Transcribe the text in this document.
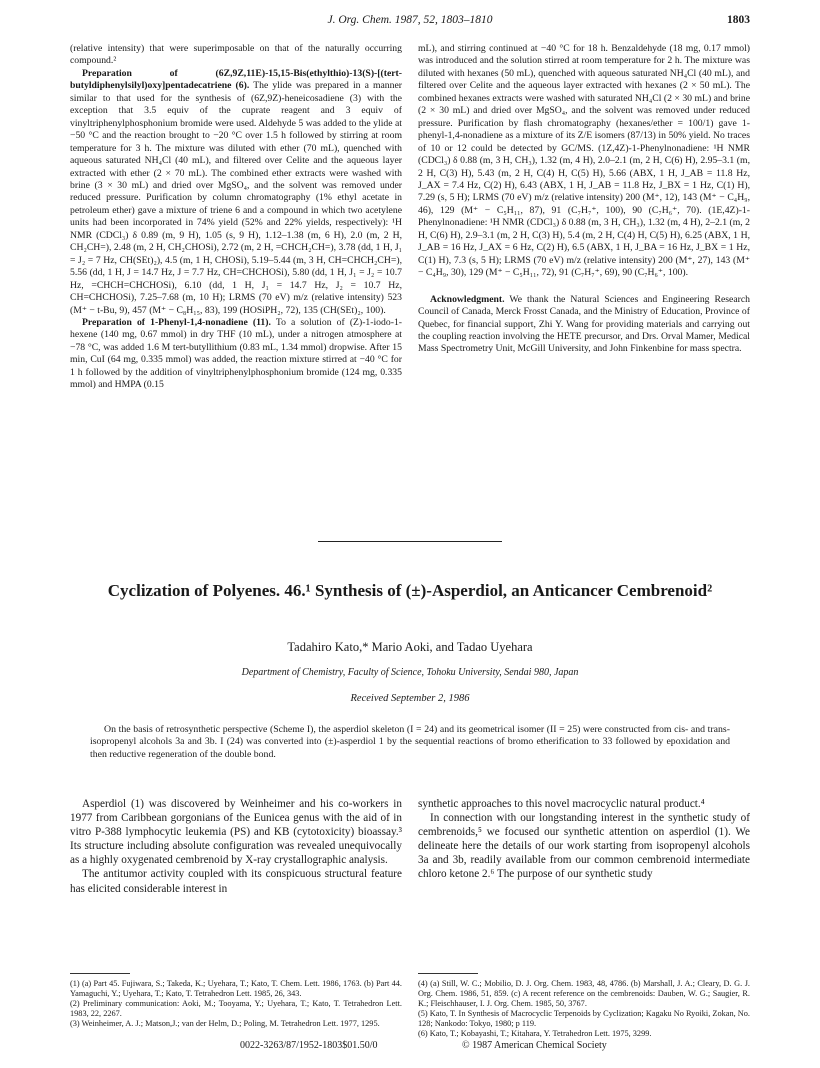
J. Org. Chem. 1987, 52, 1803–1810	1803

(relative intensity) that were superimposable on that of the naturally occurring compound.²

Preparation of (6Z,9Z,11E)-15,15-Bis(ethylthio)-13(S)-[(tert-butyldiphenylsilyl)oxy]pentadecatriene (6). The ylide was prepared in a manner similar to that used for the synthesis of (6Z,9Z)-heneicosadiene (3) with the exception that 3.5 equiv of the cuprate reagent and 3 equiv of vinyltriphenylphosphonium bromide were used. Aldehyde 5 was added to the ylide at −50 °C and the reaction brought to −20 °C over 1.5 h followed by stirring at room temperature for 3 h. The mixture was diluted with ether (70 mL), quenched with aqueous saturated NH₄Cl (40 mL), and filtered over Celite and the aqueous layer extracted with ether (2 × 70 mL). The combined ether extracts were washed with brine (3 × 30 mL) and dried over MgSO₄, and the solvent was removed under reduced pressure. Purification by column chromatography (1% ethyl acetate in petroleum ether) gave a mixture of triene 6 and a compound in which two acetylene units had been incorporated in 74% yield (52% and 22% yields, respectively): ¹H NMR (CDCl₃) δ 0.89 (m, 9 H), 1.05 (s, 9 H), 1.12–1.38 (m, 6 H), 2.0 (m, 2 H, CH₂CH=), 2.48 (m, 2 H, CH₂CHOSi), 2.72 (m, 2 H, =CHCH₂CH=), 3.78 (dd, 1 H, J₁ = J₂ = 7 Hz, CH(SEt)₂), 4.5 (m, 1 H, CHOSi), 5.19–5.44 (m, 3 H, CH=CHCH₂CH=), 5.56 (dd, 1 H, J = 14.7 Hz, J = 7.7 Hz, CH=CHCHOSi), 5.80 (dd, 1 H, J₁ = J₂ = 10.7 Hz, =CHCH=CHCHOSi), 6.10 (dd, 1 H, J₁ = 14.7 Hz, J₂ = 10.7 Hz, CH=CHCHOSi), 7.25–7.68 (m, 10 H); LRMS (70 eV) m/z (relative intensity) 523 (M⁺ − t-Bu, 9), 457 (M⁺ − C₈H₁₅, 83), 199 (HOSiPH₂, 72), 135 (CH(SEt)₂, 100).

Preparation of 1-Phenyl-1,4-nonadiene (11). To a solution of (Z)-1-iodo-1-hexene (140 mg, 0.67 mmol) in dry THF (10 mL), under a nitrogen atmosphere at −78 °C, was added 1.6 M tert-butyllithium (0.83 mL, 1.34 mmol) dropwise. After 15 min, CuI (64 mg, 0.335 mmol) was added, the reaction mixture stirred at −40 °C for 1 h followed by the addition of vinyltriphenylphosphonium bromide (124 mg, 0.335 mmol) and HMPA (0.15

mL), and stirring continued at −40 °C for 18 h. Benzaldehyde (18 mg, 0.17 mmol) was introduced and the solution stirred at room temperature for 2 h. The mixture was diluted with hexanes (50 mL), quenched with aqueous saturated NH₄Cl (40 mL), and filtered over Celite and the aqueous layer extracted with hexanes (2 × 50 mL). The combined hexanes extracts were washed with saturated NH₄Cl (2 × 30 mL) and brine (2 × 30 mL) and dried over MgSO₄, and the solvent was removed under reduced pressure. Purification by flash chromatography (hexanes/ether = 100/1) gave 1-phenyl-1,4-nonadiene as a mixture of its Z/E isomers (87/13) in 50% yield. No traces of 10 or 12 could be detected by GC/MS. (1Z,4Z)-1-Phenylnonadiene: ¹H NMR (CDCl₃) δ 0.88 (m, 3 H, CH₃), 1.32 (m, 4 H), 2.0–2.1 (m, 2 H, C(6) H), 2.95–3.1 (m, 2 H, C(3) H), 5.43 (m, 2 H, C(4) H, C(5) H), 5.66 (ABX, 1 H, J_AB = 11.8 Hz, J_AX = 7.4 Hz, C(2) H), 6.43 (ABX, 1 H, J_AB = 11.8 Hz, J_BX = 1 Hz, C(1) H), 7.29 (s, 5 H); LRMS (70 eV) m/z (relative intensity) 200 (M⁺, 12), 143 (M⁺ − C₄H₉, 46), 129 (M⁺ − C₅H₁₁, 87), 91 (C₇H₇⁺, 100), 90 (C₇H₆⁺, 70). (1E,4Z)-1-Phenylnonadiene: ¹H NMR (CDCl₃) δ 0.88 (m, 3 H, CH₃), 1.32 (m, 4 H), 2–2.1 (m, 2 H, C(6) H), 2.9–3.1 (m, 2 H, C(3) H), 5.4 (m, 2 H, C(4) H, C(5) H), 6.25 (ABX, 1 H, J_AB = 16 Hz, J_AX = 6 Hz, C(2) H), 6.5 (ABX, 1 H, J_BA = 16 Hz, J_BX = 1 Hz, C(1) H), 7.3 (s, 5 H); LRMS (70 eV) m/z (relative intensity) 200 (M⁺, 27), 143 (M⁺ − C₄H₉, 30), 129 (M⁺ − C₅H₁₁, 72), 91 (C₇H₇⁺, 69), 90 (C₇H₆⁺, 100).

Acknowledgment. We thank the Natural Sciences and Engineering Research Council of Canada, Merck Frosst Canada, and the Ministry of Education, Province of Quebec, for financial support, Zhi Y. Wang for providing materials and carrying out the coupling reaction involving the HETE precursor, and Drs. Orval Mamer, Medical Mass Spectrometry Unit, McGill University, and John Finkenbine for mass spectra.

Cyclization of Polyenes. 46.¹ Synthesis of (±)-Asperdiol, an Anticancer Cembrenoid²
Tadahiro Kato,* Mario Aoki, and Tadao Uyehara
Department of Chemistry, Faculty of Science, Tohoku University, Sendai 980, Japan
Received September 2, 1986
On the basis of retrosynthetic perspective (Scheme I), the asperdiol skeleton (I = 24) and its geometrical isomer (II = 25) were constructed from cis- and trans-isopropenyl alcohols 3a and 3b. I (24) was converted into (±)-asperdiol 1 by the sequential reactions of bromo etherification to 33 followed by epoxidation and then reductive regeneration of the double bond.

Asperdiol (1) was discovered by Weinheimer and his co-workers in 1977 from Caribbean gorgonians of the Eunicea genus with the aid of in vitro P-388 lymphocytic leukemia (PS) and KB (cytotoxicity) bioassay.³ Its structure including absolute configuration was revealed unequivocally as a highly oxygenated cembrenoid by X-ray crystallographic analysis.

The antitumor activity coupled with its conspicuous structural feature has elicited considerable interest in

synthetic approaches to this novel macrocyclic natural product.⁴

In connection with our longstanding interest in the synthetic study of cembrenoids,⁵ we focused our synthetic attention on asperdiol (1). We delineate here the details of our work starting from isopropenyl alcohols 3a and 3b, readily available from our common cembrenoid intermediate chloro ketone 2.⁶ The purpose of our synthetic study

(1) (a) Part 45. Fujiwara, S.; Takeda, K.; Uyehara, T.; Kato, T. Chem. Lett. 1986, 1763. (b) Part 44. Yamaguchi, Y.; Uyehara, T.; Kato, T. Tetrahedron Lett. 1985, 26, 343.

(2) Preliminary communication: Aoki, M.; Tooyama, Y.; Uyehara, T.; Kato, T. Tetrahedron Lett. 1983, 22, 2267.

(3) Weinheimer, A. J.; Matson,J.; van der Helm, D.; Poling, M. Tetrahedron Lett. 1977, 1295.

(4) (a) Still, W. C.; Mobilio, D. J. Org. Chem. 1983, 48, 4786. (b) Marshall, J. A.; Cleary, D. G. J. Org. Chem. 1986, 51, 859. (c) A recent reference on the cembrenoids: Dauben, W. G.; Saugier, R. K.; Fleischhauser, I. J. Org. Chem. 1985, 50, 3767.

(5) Kato, T. In Synthesis of Macrocyclic Terpenoids by Cyclization; Kagaku No Ryoiki, Zokan, No. 128; Nankodo: Tokyo, 1980; p 119.

(6) Kato, T.; Kobayashi, T.; Kitahara, Y. Tetrahedron Lett. 1975, 3299.

0022-3263/87/1952-1803$01.50/0	© 1987 American Chemical Society
